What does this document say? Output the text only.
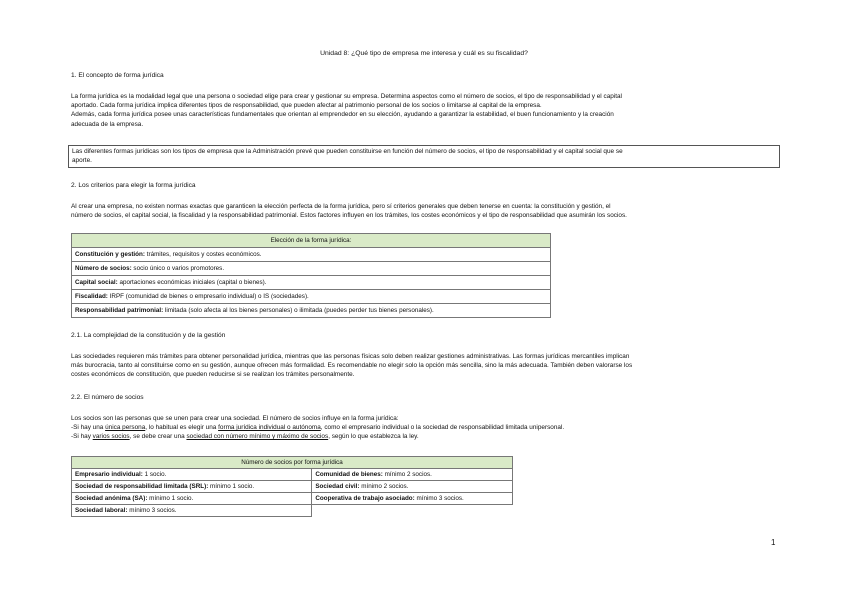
Unidad 8: ¿Qué tipo de empresa me interesa y cuál es su fiscalidad?
1. El concepto de forma jurídica
La forma jurídica es la modalidad legal que una persona o sociedad elige para crear y gestionar su empresa. Determina aspectos como el número de socios, el tipo de responsabilidad y el capital
aportado. Cada forma jurídica implica diferentes tipos de responsabilidad, que pueden afectar al patrimonio personal de los socios o limitarse al capital de la empresa.
Además, cada forma jurídica posee unas características fundamentales que orientan al emprendedor en su elección, ayudando a garantizar la estabilidad, el buen funcionamiento y la creación
adecuada de la empresa.
Las diferentes formas jurídicas son los tipos de empresa que la Administración prevé que pueden constituirse en función del número de socios, el tipo de responsabilidad y el capital social que se
aporte.
2. Los criterios para elegir la forma jurídica
Al crear una empresa, no existen normas exactas que garanticen la elección perfecta de la forma jurídica, pero sí criterios generales que deben tenerse en cuenta: la constitución y gestión, el
número de socios, el capital social, la fiscalidad y la responsabilidad patrimonial. Estos factores influyen en los trámites, los costes económicos y el tipo de responsabilidad que asumirán los socios.
Elección de la forma jurídica:
Constitución y gestión: trámites, requisitos y costes económicos.
Número de socios: socio único o varios promotores.
Capital social: aportaciones económicas iniciales (capital o bienes).
Fiscalidad: IRPF (comunidad de bienes o empresario individual) o IS (sociedades).
Responsabilidad patrimonial: limitada (solo afecta al los bienes personales) o ilimitada (puedes perder tus bienes personales).
2.1. La complejidad de la constitución y de la gestión
Las sociedades requieren más trámites para obtener personalidad jurídica, mientras que las personas físicas solo deben realizar gestiones administrativas. Las formas jurídicas mercantiles implican
más burocracia, tanto al constituirse como en su gestión, aunque ofrecen más formalidad. Es recomendable no elegir solo la opción más sencilla, sino la más adecuada. También deben valorarse los
costes económicos de constitución, que pueden reducirse si se realizan los trámites personalmente.
2.2. El número de socios
Los socios son las personas que se unen para crear una sociedad. El número de socios influye en la forma jurídica:
-Si hay una única persona, lo habitual es elegir una forma jurídica individual o autónoma, como el empresario individual o la sociedad de responsabilidad limitada unipersonal.
-Si hay varios socios, se debe crear una sociedad con número mínimo y máximo de socios, según lo que establezca la ley.
Número de socios por forma jurídica	
Empresario individual: 1 socio.	Comunidad de bienes: mínimo 2 socios.
Sociedad de responsabilidad limitada (SRL): mínimo 1 socio.	Sociedad civil: mínimo 2 socios.
Sociedad anónima (SA): mínimo 1 socio.	Cooperativa de trabajo asociado: mínimo 3 socios.
Sociedad laboral: mínimo 3 socios.	
1
